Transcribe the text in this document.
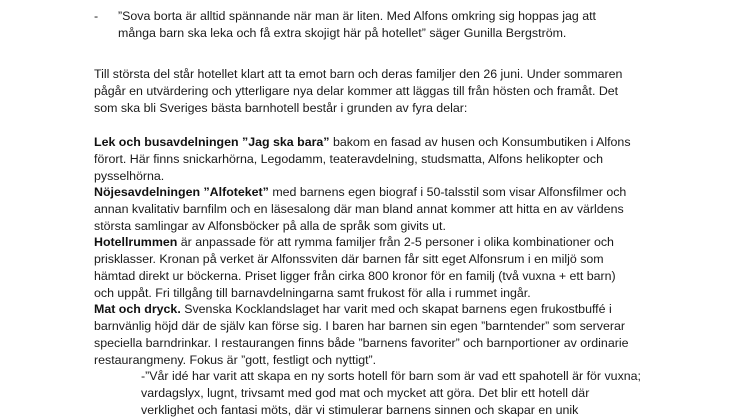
- ”Sova borta är alltid spännande när man är liten. Med Alfons omkring sig hoppas jag att
många barn ska leka och få extra skojigt här på hotellet” säger Gunilla Bergström.
Till största del står hotellet klart att ta emot barn och deras familjer den 26 juni. Under sommaren
pågår en utvärdering och ytterligare nya delar kommer att läggas till från hösten och framåt. Det
som ska bli Sveriges bästa barnhotell består i grunden av fyra delar:
Lek och busavdelningen ”Jag ska bara” bakom en fasad av husen och Konsumbutiken i Alfons
förort. Här finns snickarhörna, Legodamm, teateravdelning, studsmatta, Alfons helikopter och
pysselhörna.
Nöjesavdelningen ”Alfoteket” med barnens egen biograf i 50-talsstil som visar Alfonsfilmer och
annan kvalitativ barnfilm och en läsesalong där man bland annat kommer att hitta en av världens
största samlingar av Alfonsböcker på alla de språk som givits ut.
Hotellrummen är anpassade för att rymma familjer från 2-5 personer i olika kombinationer och
prisklasser. Kronan på verket är Alfonssviten där barnen får sitt eget Alfonsrum i en miljö som
hämtad direkt ur böckerna. Priset ligger från cirka 800 kronor för en familj (två vuxna + ett barn)
och uppåt. Fri tillgång till barnavdelningarna samt frukost för alla i rummet ingår.
Mat och dryck. Svenska Kocklandslaget har varit med och skapat barnens egen frukostbuffé i
barnvänlig höjd där de själv kan förse sig. I baren har barnen sin egen ”barntender” som serverar
speciella barndrinkar. I restaurangen finns både ”barnens favoriter” och barnportioner av ordinarie
restaurangmeny. Fokus är ”gott, festligt och nyttigt”.
-”Vår idé har varit att skapa en ny sorts hotell för barn som är vad ett spahotell är för vuxna;
vardagslyx, lugnt, trivsamt med god mat och mycket att göra. Det blir ett hotell där
verklighet och fantasi möts, där vi stimulerar barnens sinnen och skapar en unik
